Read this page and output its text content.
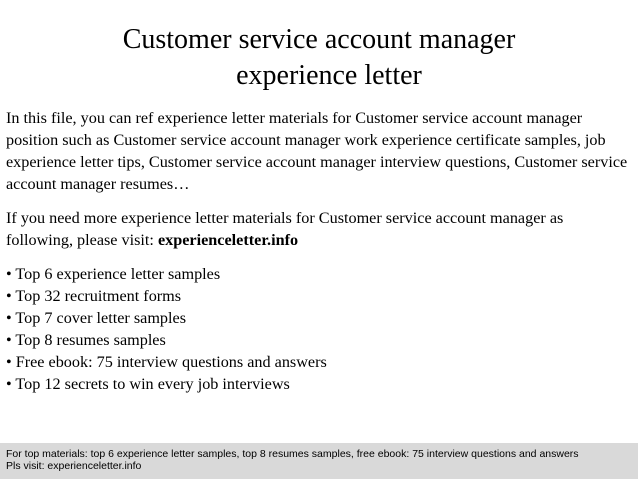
Customer service account manager
experience letter

In this file, you can ref experience letter materials for Customer service account manager position such as Customer service account manager work experience certificate samples, job experience letter tips, Customer service account manager interview questions, Customer service account manager resumes…

If you need more experience letter materials for Customer service account manager as following, please visit: experienceletter.info

• Top 6 experience letter samples
• Top 32 recruitment forms
• Top 7 cover letter samples
• Top 8 resumes samples
• Free ebook: 75 interview questions and answers
• Top 12 secrets to win every job interviews
For top materials: top 6 experience letter samples, top 8 resumes samples, free ebook: 75 interview questions and answers
Pls visit: experienceletter.info
